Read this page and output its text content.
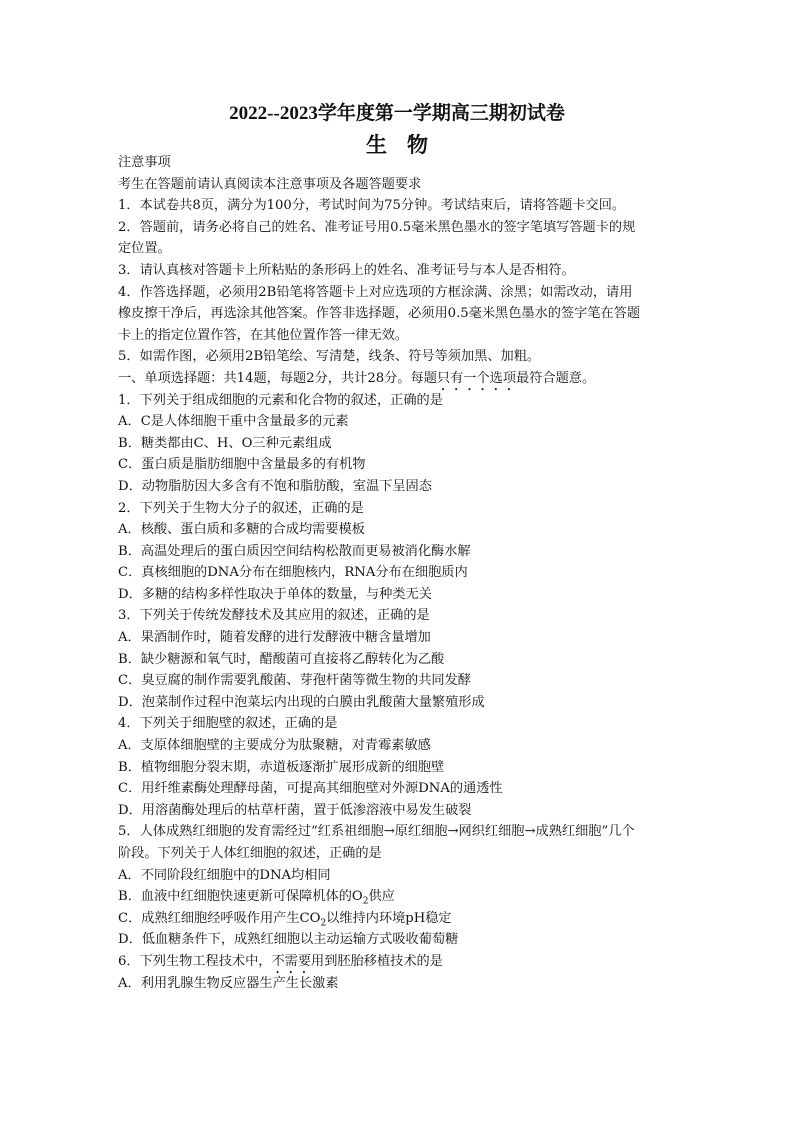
2022--2023学年度第一学期高三期初试卷
生物
注意事项
考生在答题前请认真阅读本注意事项及各题答题要求
1．本试卷共8页，满分为100分，考试时间为75分钟。考试结束后，请将答题卡交回。
2．答题前，请务必将自己的姓名、准考证号用0.5毫米黑色墨水的签字笔填写答题卡的规
定位置。
3．请认真核对答题卡上所粘贴的条形码上的姓名、准考证号与本人是否相符。
4．作答选择题，必须用2B铅笔将答题卡上对应选项的方框涂满、涂黑；如需改动，请用
橡皮擦干净后，再选涂其他答案。作答非选择题，必须用0.5毫米黑色墨水的签字笔在答题
卡上的指定位置作答，在其他位置作答一律无效。
5．如需作图，必须用2B铅笔绘、写清楚，线条、符号等须加黑、加粗。
一、单项选择题：共14题，每题2分，共计28分。每题只有一个选项最符合题意。
1．下列关于组成细胞的元素和化合物的叙述，正确的是
A．C是人体细胞干重中含量最多的元素
B．糖类都由C、H、O三种元素组成
C．蛋白质是脂肪细胞中含量最多的有机物
D．动物脂肪因大多含有不饱和脂肪酸，室温下呈固态
2．下列关于生物大分子的叙述，正确的是
A．核酸、蛋白质和多糖的合成均需要模板
B．高温处理后的蛋白质因空间结构松散而更易被消化酶水解
C．真核细胞的DNA分布在细胞核内，RNA分布在细胞质内
D．多糖的结构多样性取决于单体的数量，与种类无关
3．下列关于传统发酵技术及其应用的叙述，正确的是
A．果酒制作时，随着发酵的进行发酵液中糖含量增加
B．缺少糖源和氧气时，醋酸菌可直接将乙醇转化为乙酸
C．臭豆腐的制作需要乳酸菌、芽孢杆菌等微生物的共同发酵
D．泡菜制作过程中泡菜坛内出现的白膜由乳酸菌大量繁殖形成
4．下列关于细胞壁的叙述，正确的是
A．支原体细胞壁的主要成分为肽聚糖，对青霉素敏感
B．植物细胞分裂末期，赤道板逐渐扩展形成新的细胞壁
C．用纤维素酶处理酵母菌，可提高其细胞壁对外源DNA的通透性
D．用溶菌酶处理后的枯草杆菌，置于低渗溶液中易发生破裂
5．人体成熟红细胞的发育需经过“红系祖细胞→原红细胞→网织红细胞→成熟红细胞”几个
阶段。下列关于人体红细胞的叙述，正确的是
A．不同阶段红细胞中的DNA均相同
B．血液中红细胞快速更新可保障机体的$O_2$供应
C．成熟红细胞经呼吸作用产生$CO_2$以维持内环境pH稳定
D．低血糖条件下，成熟红细胞以主动运输方式吸收葡萄糖
6．下列生物工程技术中，不需要用到胚胎移植技术的是
A．利用乳腺生物反应器生产生长激素
